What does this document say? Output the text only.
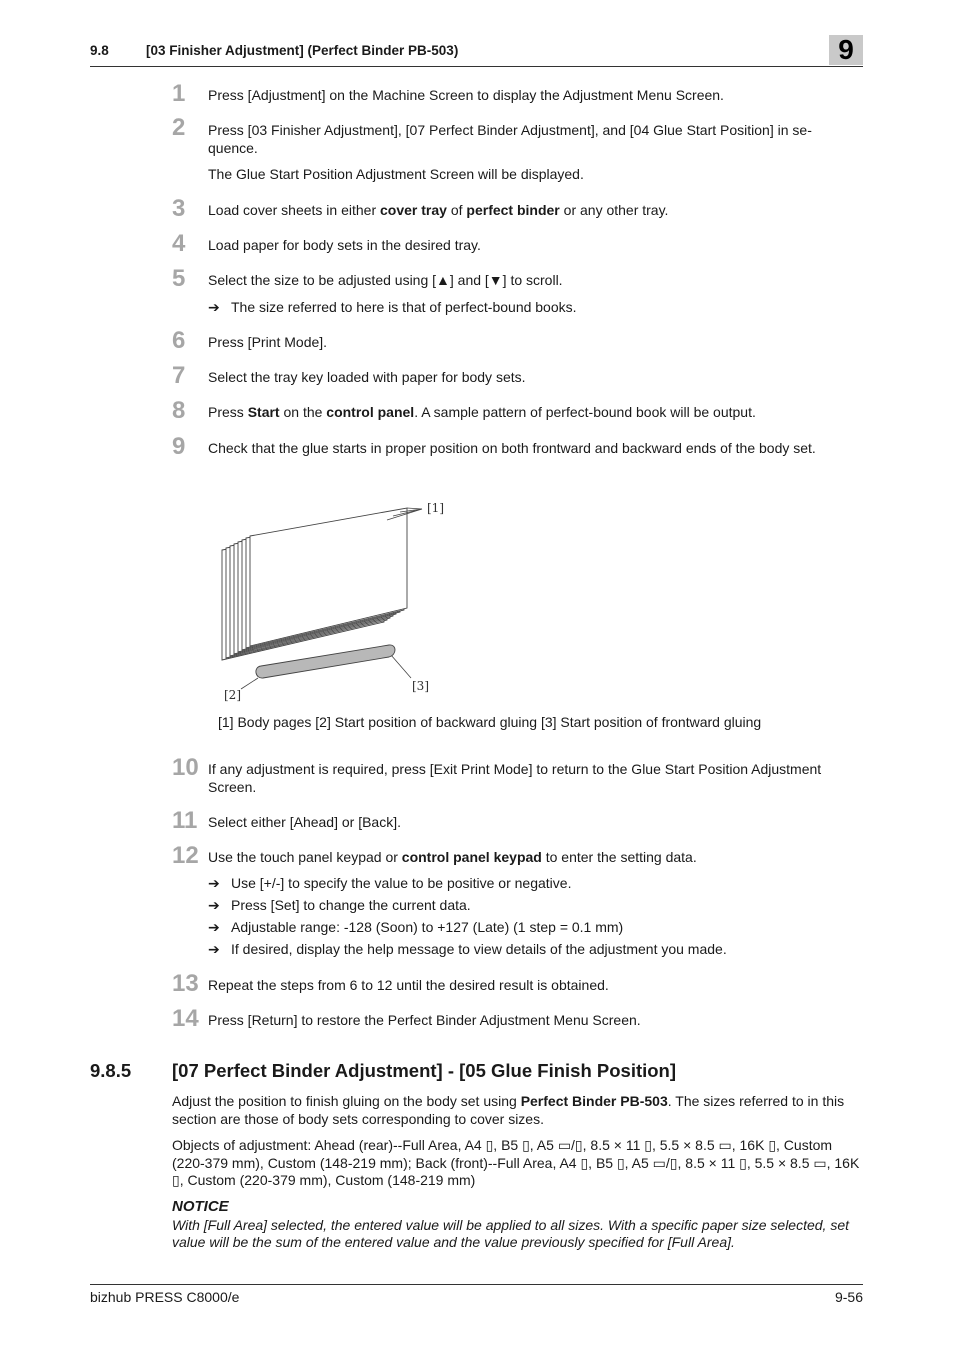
9.8	[03 Finisher Adjustment] (Perfect Binder PB-503)	9
1 Press [Adjustment] on the Machine Screen to display the Adjustment Menu Screen.
2 Press [03 Finisher Adjustment], [07 Perfect Binder Adjustment], and [04 Glue Start Position] in se-quence.
The Glue Start Position Adjustment Screen will be displayed.
3 Load cover sheets in either cover tray of perfect binder or any other tray.
4 Load paper for body sets in the desired tray.
5 Select the size to be adjusted using [▲] and [▼] to scroll.
➔ The size referred to here is that of perfect-bound books.
6 Press [Print Mode].
7 Select the tray key loaded with paper for body sets.
8 Press Start on the control panel. A sample pattern of perfect-bound book will be output.
9 Check that the glue starts in proper position on both frontward and backward ends of the body set.
[1]
[2]
[3]
[1] Body pages [2] Start position of backward gluing [3] Start position of frontward gluing
10 If any adjustment is required, press [Exit Print Mode] to return to the Glue Start Position Adjustment Screen.
11 Select either [Ahead] or [Back].
12 Use the touch panel keypad or control panel keypad to enter the setting data.
➔ Use [+/-] to specify the value to be positive or negative.
➔ Press [Set] to change the current data.
➔ Adjustable range: -128 (Soon) to +127 (Late) (1 step = 0.1 mm)
➔ If desired, display the help message to view details of the adjustment you made.
13 Repeat the steps from 6 to 12 until the desired result is obtained.
14 Press [Return] to restore the Perfect Binder Adjustment Menu Screen.
9.8.5 [07 Perfect Binder Adjustment] - [05 Glue Finish Position]
Adjust the position to finish gluing on the body set using Perfect Binder PB-503. The sizes referred to in this section are those of body sets corresponding to cover sizes.
Objects of adjustment: Ahead (rear)--Full Area, A4 ▯, B5 ▯, A5 ▭/▯, 8.5 × 11 ▯, 5.5 × 8.5 ▭, 16K ▯, Custom (220-379 mm), Custom (148-219 mm); Back (front)--Full Area, A4 ▯, B5 ▯, A5 ▭/▯, 8.5 × 11 ▯, 5.5 × 8.5 ▭, 16K ▯, Custom (220-379 mm), Custom (148-219 mm)
NOTICE
With [Full Area] selected, the entered value will be applied to all sizes. With a specific paper size selected, set value will be the sum of the entered value and the value previously specified for [Full Area].
bizhub PRESS C8000/e	9-56
